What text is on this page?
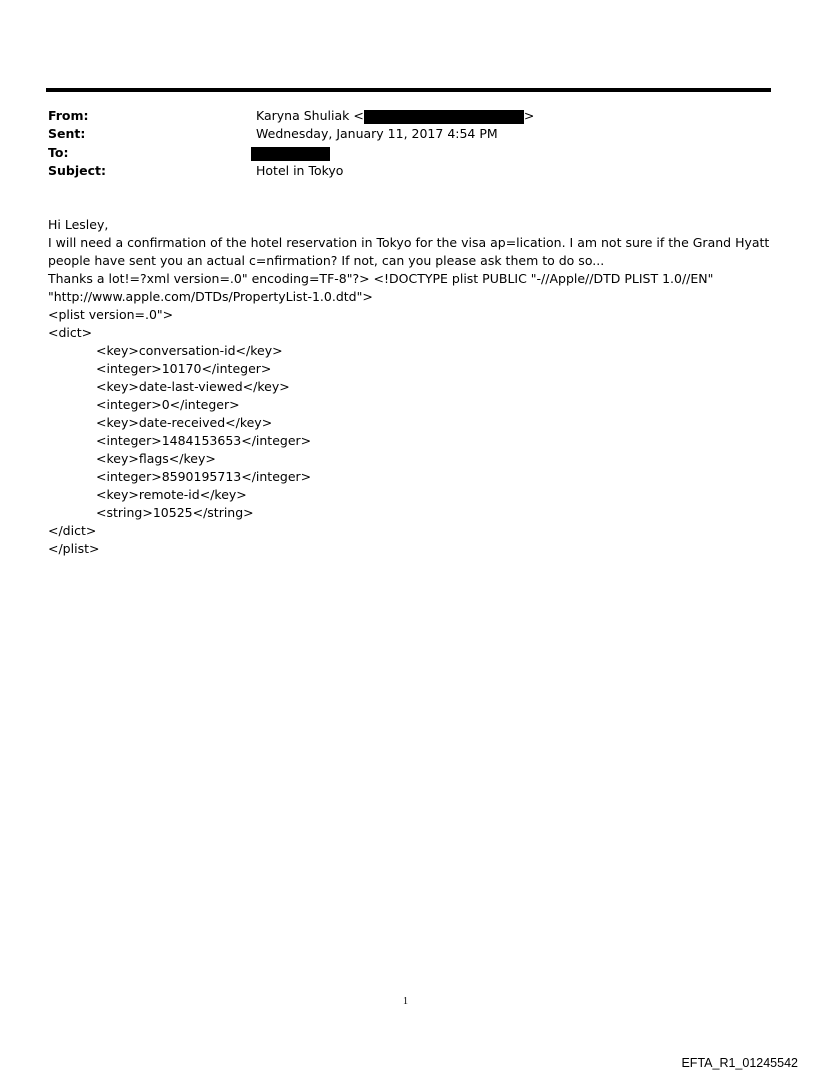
From:	Karyna Shuliak <	>
Sent:	Wednesday, January 11, 2017 4:54 PM
To:
Subject:	Hotel in Tokyo
Hi Lesley,
I will need a confirmation of the hotel reservation in Tokyo for the visa ap=lication. I am not sure if the Grand Hyatt
people have sent you an actual c=nfirmation? If not, can you please ask them to do so...
Thanks a lot!=?xml version=.0" encoding=TF-8"?> <!DOCTYPE plist PUBLIC "-//Apple//DTD PLIST 1.0//EN"
"http://www.apple.com/DTDs/PropertyList-1.0.dtd">
<plist version=.0">
<dict>
<key>conversation-id</key>
<integer>10170</integer>
<key>date-last-viewed</key>
<integer>0</integer>
<key>date-received</key>
<integer>1484153653</integer>
<key>flags</key>
<integer>8590195713</integer>
<key>remote-id</key>
<string>10525</string>
</dict>
</plist>
1
EFTA_R1_01245542
